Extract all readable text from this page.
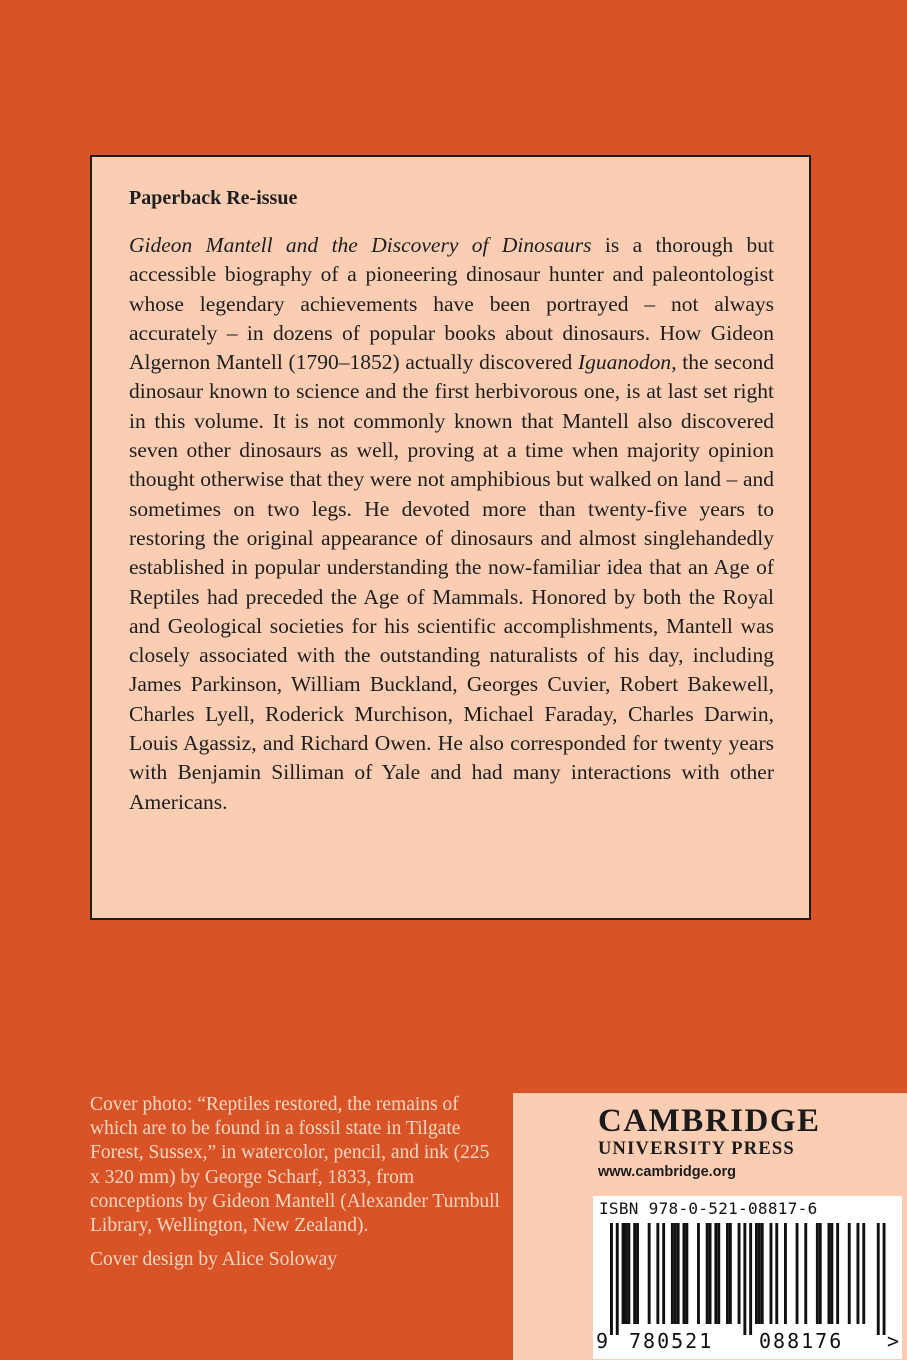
Paperback Re-issue

Gideon Mantell and the Discovery of Dinosaurs is a thorough but accessible biography of a pioneering dinosaur hunter and paleontologist whose legendary achievements have been portrayed – not always accurately – in dozens of popular books about dinosaurs. How Gideon Algernon Mantell (1790–1852) actually discovered Iguanodon, the second dinosaur known to science and the first herbivorous one, is at last set right in this volume. It is not commonly known that Mantell also discovered seven other dinosaurs as well, proving at a time when majority opinion thought otherwise that they were not amphibious but walked on land – and sometimes on two legs. He devoted more than twenty-five years to restoring the original appearance of dinosaurs and almost singlehandedly established in popular understanding the now-familiar idea that an Age of Reptiles had preceded the Age of Mammals. Honored by both the Royal and Geological societies for his scientific accomplishments, Mantell was closely associated with the outstanding naturalists of his day, including James Parkinson, William Buckland, Georges Cuvier, Robert Bakewell, Charles Lyell, Roderick Murchison, Michael Faraday, Charles Darwin, Louis Agassiz, and Richard Owen. He also corresponded for twenty years with Benjamin Silliman of Yale and had many interactions with other Americans.

Cover photo: “Reptiles restored, the remains of which are to be found in a fossil state in Tilgate Forest, Sussex,” in watercolor, pencil, and ink (225 x 320 mm) by George Scharf, 1833, from conceptions by Gideon Mantell (Alexander Turnbull Library, Wellington, New Zealand).

Cover design by Alice Soloway

CAMBRIDGE
UNIVERSITY PRESS
www.cambridge.org
ISBN 978-0-521-08817-6
9 780521 088176 >
